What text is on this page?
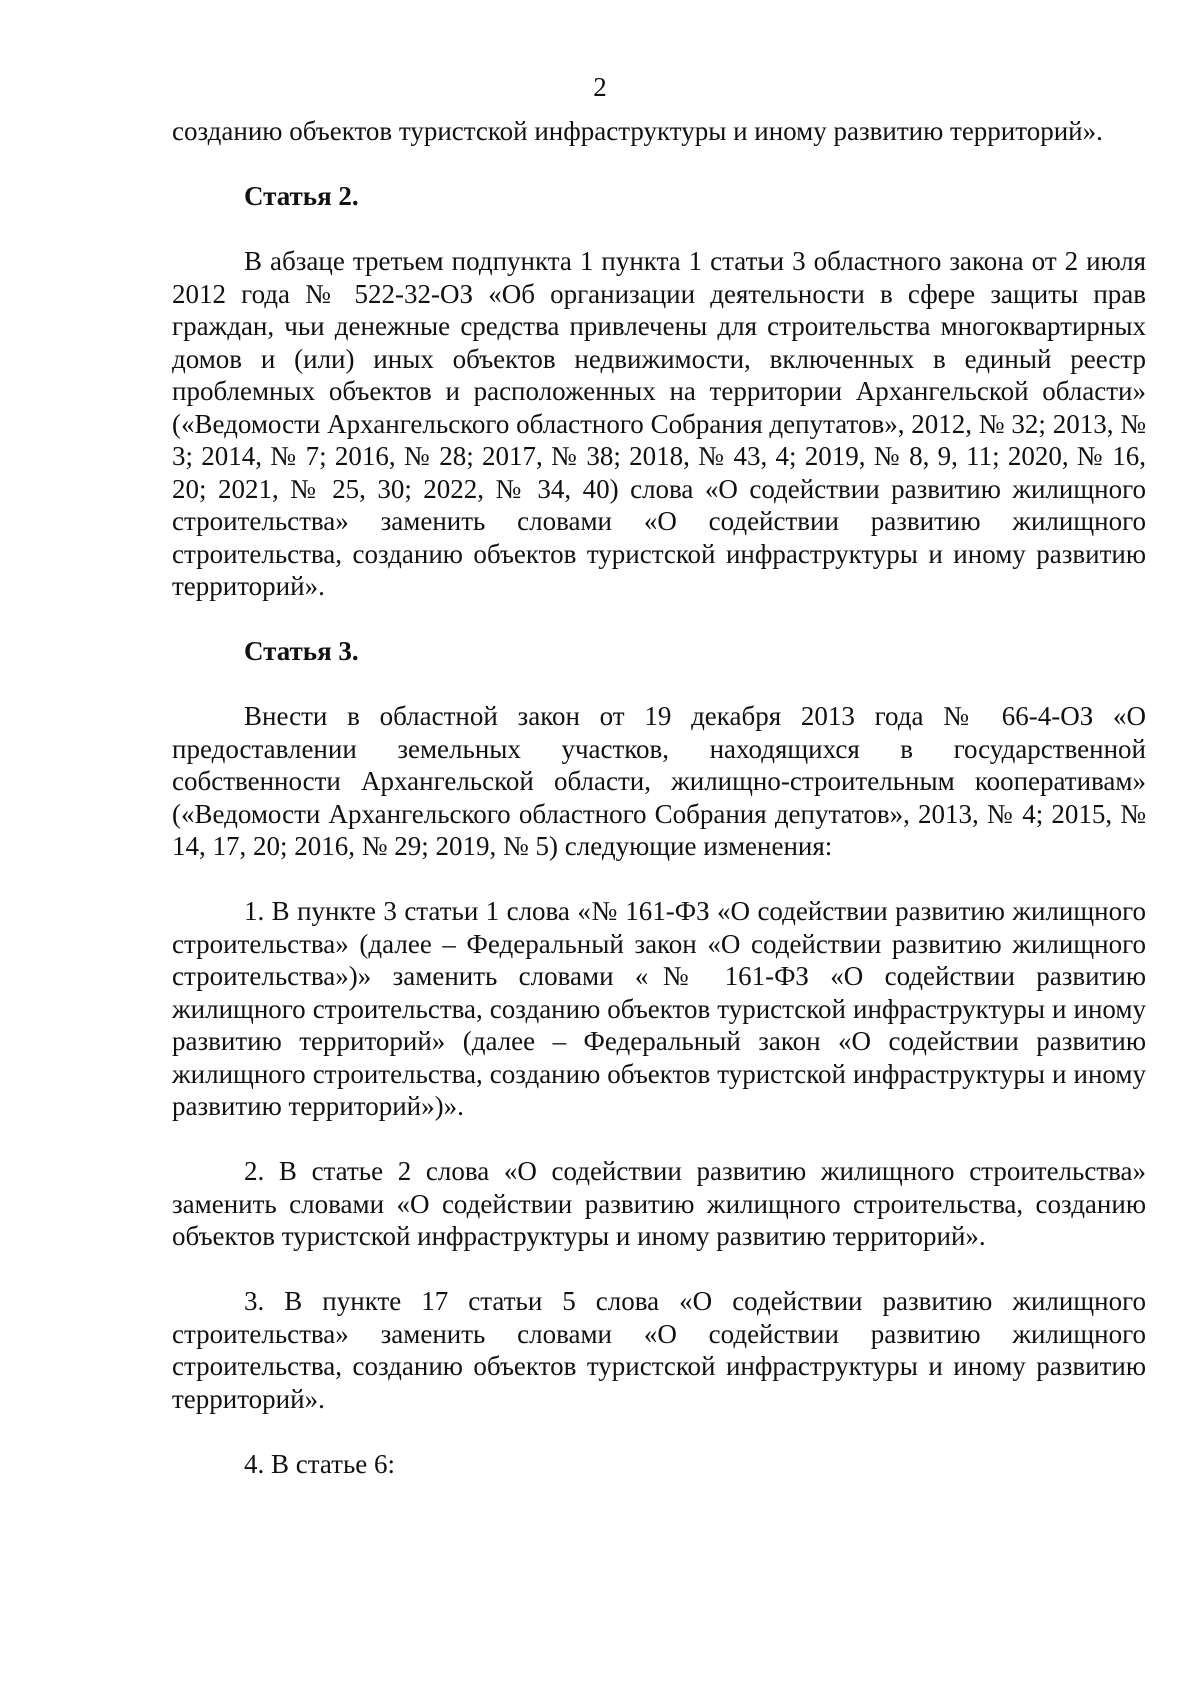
2

созданию объектов туристской инфраструктуры и иному развитию территорий».

Статья 2.

В абзаце третьем подпункта 1 пункта 1 статьи 3 областного закона от 2 июля 2012 года № 522-32-ОЗ «Об организации деятельности в сфере защиты прав граждан, чьи денежные средства привлечены для строительства многоквартирных домов и (или) иных объектов недвижимости, включенных в единый реестр проблемных объектов и расположенных на территории Архангельской области» («Ведомости Архангельского областного Собрания депутатов», 2012, № 32; 2013, № 3; 2014, № 7; 2016, № 28; 2017, № 38; 2018, № 43, 4; 2019, № 8, 9, 11; 2020, № 16, 20; 2021, № 25, 30; 2022, № 34, 40) слова «О содействии развитию жилищного строительства» заменить словами «О содействии развитию жилищного строительства, созданию объектов туристской инфраструктуры и иному развитию территорий».

Статья 3.

Внести в областной закон от 19 декабря 2013 года № 66-4-ОЗ «О предоставлении земельных участков, находящихся в государственной собственности Архангельской области, жилищно-строительным кооперативам» («Ведомости Архангельского областного Собрания депутатов», 2013, № 4; 2015, № 14, 17, 20; 2016, № 29; 2019, № 5) следующие изменения:

1. В пункте 3 статьи 1 слова «№ 161-ФЗ «О содействии развитию жилищного строительства» (далее – Федеральный закон «О содействии развитию жилищного строительства»)» заменить словами «№ 161-ФЗ «О содействии развитию жилищного строительства, созданию объектов туристской инфраструктуры и иному развитию территорий» (далее – Федеральный закон «О содействии развитию жилищного строительства, созданию объектов туристской инфраструктуры и иному развитию территорий»)».

2. В статье 2 слова «О содействии развитию жилищного строительства» заменить словами «О содействии развитию жилищного строительства, созданию объектов туристской инфраструктуры и иному развитию территорий».

3. В пункте 17 статьи 5 слова «О содействии развитию жилищного строительства» заменить словами «О содействии развитию жилищного строительства, созданию объектов туристской инфраструктуры и иному развитию территорий».

4. В статье 6:
